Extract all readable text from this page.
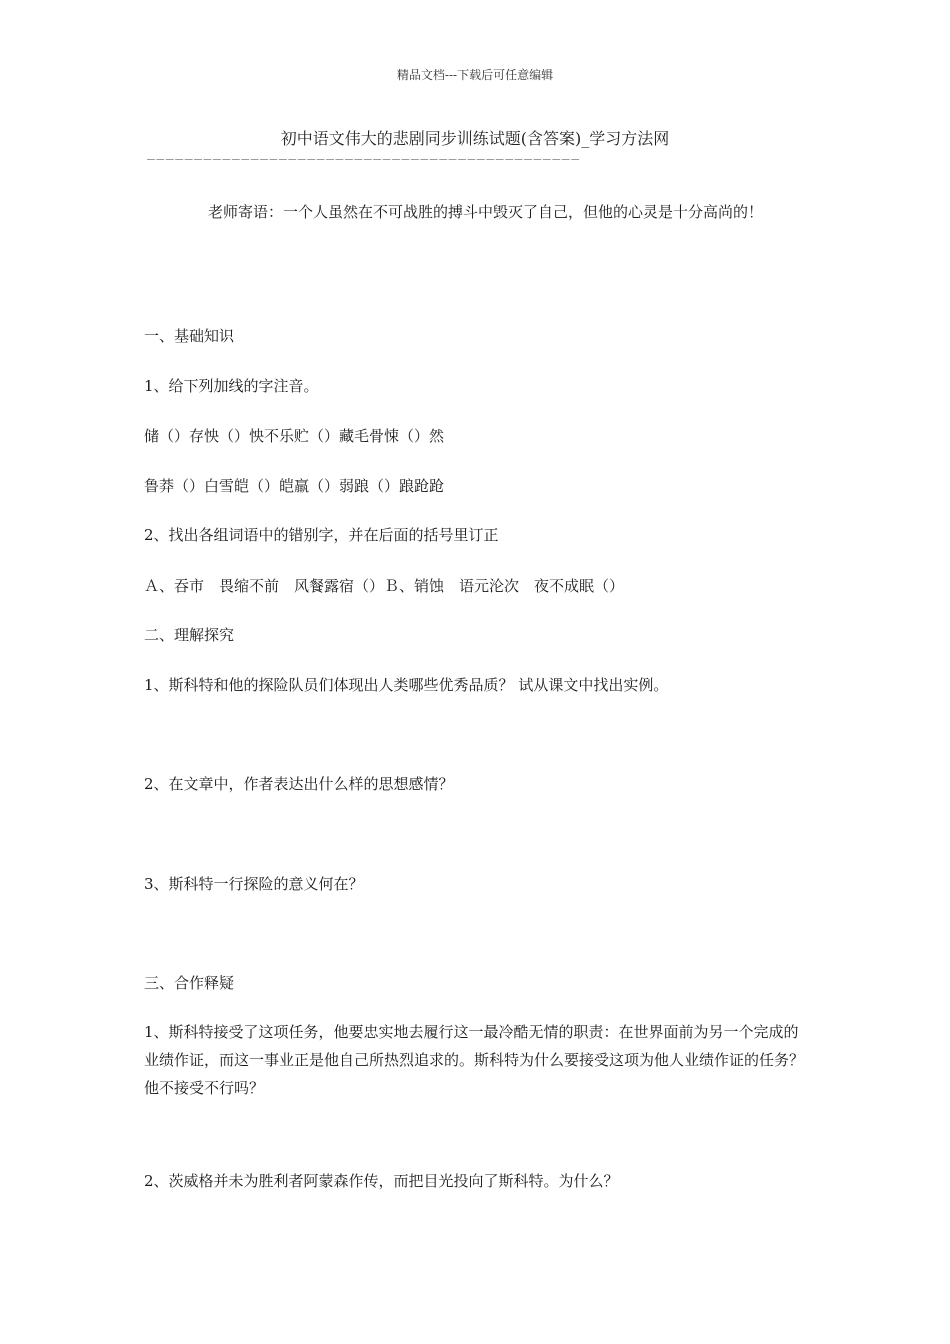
精品文档---下载后可任意编辑
初中语文伟大的悲剧同步训练试题(含答案)_学习方法网
——————————————————————————————————————————————
老师寄语：一个人虽然在不可战胜的搏斗中毁灭了自己，但他的心灵是十分高尚的！
一、基础知识
1、给下列加线的字注音。
储（）存怏（）怏不乐贮（）藏毛骨悚（）然
鲁莽（）白雪皑（）皑羸（）弱踉（）踉跄跄
2、找出各组词语中的错别字，并在后面的括号里订正
Ａ、吞市　畏缩不前　风餐露宿（）Ｂ、销蚀　语元沦次　夜不成眠（）
二、理解探究
1、斯科特和他的探险队员们体现出人类哪些优秀品质？ 试从课文中找出实例。
2、在文章中，作者表达出什么样的思想感情？
3、斯科特一行探险的意义何在？
三、合作释疑
1、斯科特接受了这项任务，他要忠实地去履行这一最冷酷无情的职责：在世界面前为另一个完成的业绩作证，而这一事业正是他自己所热烈追求的。斯科特为什么要接受这项为他人业绩作证的任务？他不接受不行吗？
2、茨威格并未为胜利者阿蒙森作传，而把目光投向了斯科特。为什么？
